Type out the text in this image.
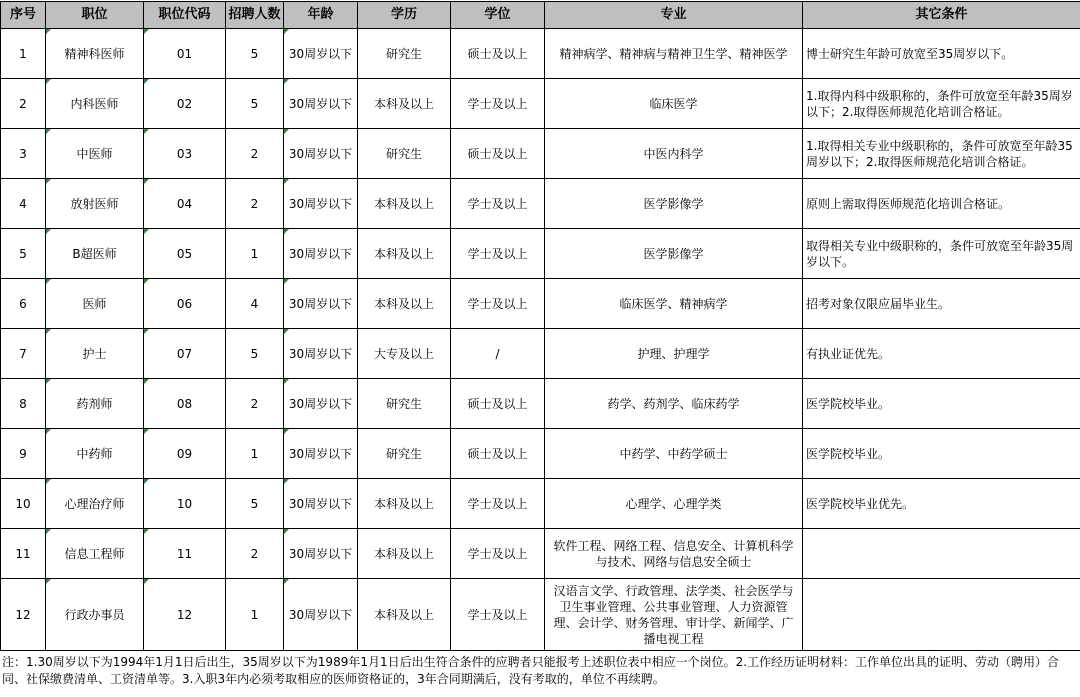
序号	职位	职位代码	招聘人数	年龄	学历	学位	专业	其它条件
1	精神科医师	01	5	30周岁以下	研究生	硕士及以上	精神病学、精神病与精神卫生学、精神医学	博士研究生年龄可放宽至35周岁以下。
2	内科医师	02	5	30周岁以下	本科及以上	学士及以上	临床医学	1.取得内科中级职称的，条件可放宽至年龄35周岁以下；2.取得医师规范化培训合格证。
3	中医师	03	2	30周岁以下	研究生	硕士及以上	中医内科学	1.取得相关专业中级职称的，条件可放宽至年龄35周岁以下；2.取得医师规范化培训合格证。
4	放射医师	04	2	30周岁以下	本科及以上	学士及以上	医学影像学	原则上需取得医师规范化培训合格证。
5	B超医师	05	1	30周岁以下	本科及以上	学士及以上	医学影像学	取得相关专业中级职称的，条件可放宽至年龄35周岁以下。
6	医师	06	4	30周岁以下	本科及以上	学士及以上	临床医学、精神病学	招考对象仅限应届毕业生。
7	护士	07	5	30周岁以下	大专及以上	/	护理、护理学	有执业证优先。
8	药剂师	08	2	30周岁以下	研究生	硕士及以上	药学、药剂学、临床药学	医学院校毕业。
9	中药师	09	1	30周岁以下	研究生	硕士及以上	中药学、中药学硕士	医学院校毕业。
10	心理治疗师	10	5	30周岁以下	本科及以上	学士及以上	心理学、心理学类	医学院校毕业优先。
11	信息工程师	11	2	30周岁以下	本科及以上	学士及以上	软件工程、网络工程、信息安全、计算机科学与技术、网络与信息安全硕士	
12	行政办事员	12	1	30周岁以下	本科及以上	学士及以上	汉语言文学、行政管理、法学类、社会医学与卫生事业管理、公共事业管理、人力资源管理、会计学、财务管理、审计学、新闻学、广播电视工程	
注：1.30周岁以下为1994年1月1日后出生，35周岁以下为1989年1月1日后出生符合条件的应聘者只能报考上述职位表中相应一个岗位。2.工作经历证明材料：工作单位出具的证明、劳动（聘用）合同、社保缴费清单、工资清单等。3.入职3年内必须考取相应的医师资格证的，3年合同期满后，没有考取的，单位不再续聘。
